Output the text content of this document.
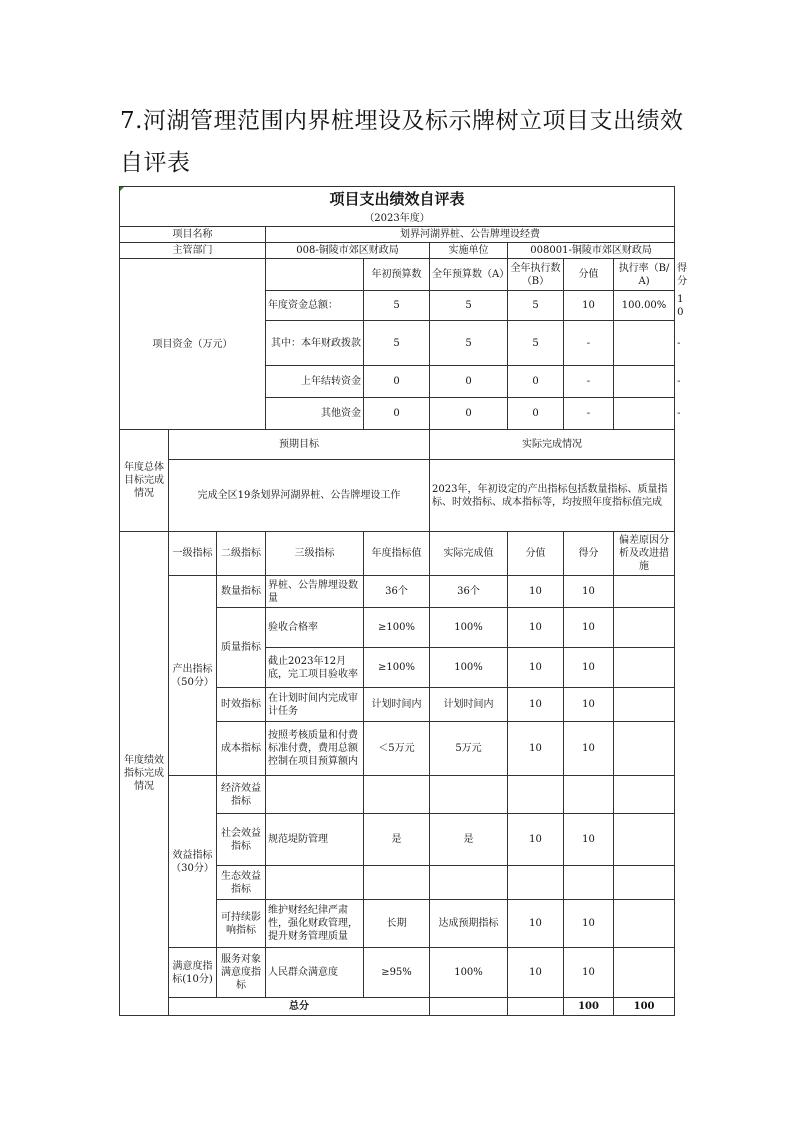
7.河湖管理范围内界桩埋设及标示牌树立项目支出绩效自评表
项目支出绩效自评表									
（2023年度）									
项目名称			划界河湖界桩、公告牌埋设经费						
主管部门			008-铜陵市郊区财政局		实施单位	008001-铜陵市郊区财政局			
项目资金（万元）				年初预算数	全年预算数（A）	全年执行数（B）	分值	执行率（B/A)	得分
			年度资金总额：	5	5	5	10	100.00%	10
			其中：本年财政拨款	5	5	5	-		-
			上年结转资金	0	0	0	-		-
			其他资金	0	0	0	-		-
年度总体目标完成情况	预期目标				实际完成情况				
	完成全区19条划界河湖界桩、公告牌埋设工作				2023年，年初设定的产出指标包括数量指标、质量指标、时效指标、成本指标等，均按照年度指标值完成				
年度绩效指标完成情况	一级指标	二级指标	三级指标	年度指标值	实际完成值	分值	得分	偏差原因分析及改进措施	
	产出指标（50分）	数量指标	界桩、公告牌埋设数量	36个	36个	10	10		
		质量指标	验收合格率	≥100%	100%	10	10		
			截止2023年12月底，完工项目验收率	≥100%	100%	10	10		
		时效指标	在计划时间内完成审计任务	计划时间内	计划时间内	10	10		
		成本指标	按照考核质量和付费标准付费，费用总额控制在项目预算额内	＜5万元	5万元	10	10		
	效益指标（30分）	经济效益指标							
		社会效益指标	规范堤防管理	是	是	10	10		
		生态效益指标							
		可持续影响指标	维护财经纪律严肃性，强化财政管理，提升财务管理质量	长期	达成预期指标	10	10		
	满意度指标(10分)	服务对象满意度指标	人民群众满意度	≥95%	100%	10	10		
	总分						100	100	
